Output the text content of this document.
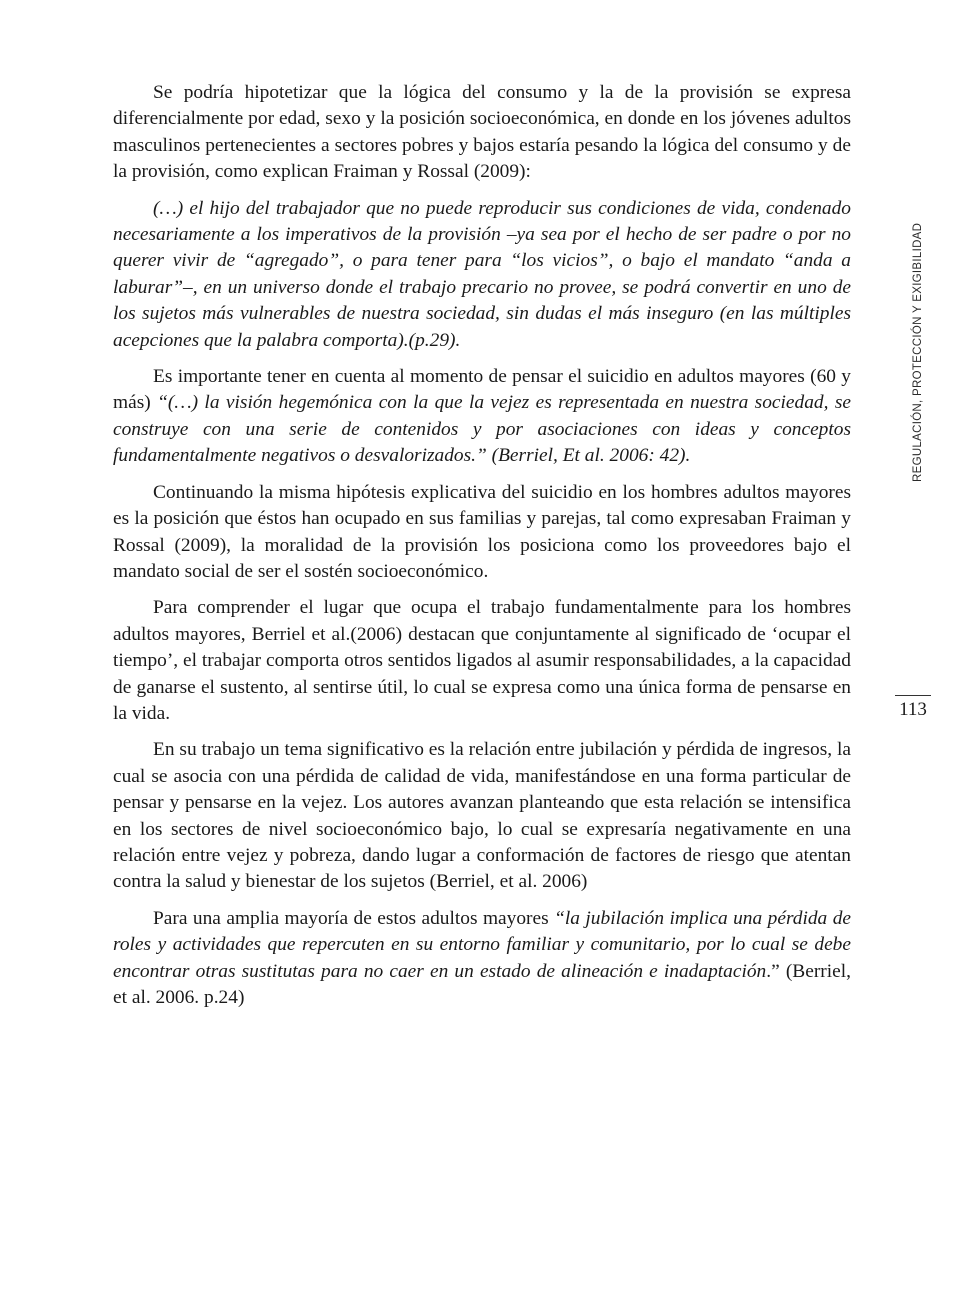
REGULACIÓN, PROTECCIÓN Y EXIGIBILIDAD
113

Se podría hipotetizar que la lógica del consumo y la de la provisión se expresa diferencialmente por edad, sexo y la posición socioeconómica, en donde en los jóvenes adultos masculinos pertenecientes a sectores pobres y bajos estaría pesando la lógica del consumo y de la provisión, como explican Fraiman y Rossal (2009):

(…) el hijo del trabajador que no puede reproducir sus condiciones de vida, condenado necesariamente a los imperativos de la provisión –ya sea por el hecho de ser padre o por no querer vivir de “agregado”, o para tener para “los vicios”, o bajo el mandato “anda a laburar”–, en un universo donde el trabajo precario no provee, se podrá convertir en uno de los sujetos más vulnerables de nuestra sociedad, sin dudas el más inseguro (en las múltiples acepciones que la palabra comporta).(p.29).

Es importante tener en cuenta al momento de pensar el suicidio en adultos mayores (60 y más) “(…) la visión hegemónica con la que la vejez es representada en nuestra sociedad, se construye con una serie de contenidos y por asociaciones con ideas y conceptos fundamentalmente negativos o desvalorizados.” (Berriel, Et al. 2006: 42).

Continuando la misma hipótesis explicativa del suicidio en los hombres adultos mayores es la posición que éstos han ocupado en sus familias y parejas, tal como expresaban Fraiman y Rossal (2009), la moralidad de la provisión los posiciona como los proveedores bajo el mandato social de ser el sostén socioeconómico.

Para comprender el lugar que ocupa el trabajo fundamentalmente para los hombres adultos mayores, Berriel et al.(2006) destacan que conjuntamente al significado de ‘ocupar el tiempo’, el trabajar comporta otros sentidos ligados al asumir responsabilidades, a la capacidad de ganarse el sustento, al sentirse útil, lo cual se expresa como una única forma de pensarse en la vida.

En su trabajo un tema significativo es la relación entre jubilación y pérdida de ingresos, la cual se asocia con una pérdida de calidad de vida, manifestándose en una forma particular de pensar y pensarse en la vejez. Los autores avanzan planteando que esta relación se intensifica en los sectores de nivel socioeconómico bajo, lo cual se expresaría negativamente en una relación entre vejez y pobreza, dando lugar a conformación de factores de riesgo que atentan contra la salud y bienestar de los sujetos (Berriel, et al. 2006)

Para una amplia mayoría de estos adultos mayores “la jubilación implica una pérdida de roles y actividades que repercuten en su entorno familiar y comunitario, por lo cual se debe encontrar otras sustitutas para no caer en un estado de alineación e inadaptación.” (Berriel, et al. 2006. p.24)
